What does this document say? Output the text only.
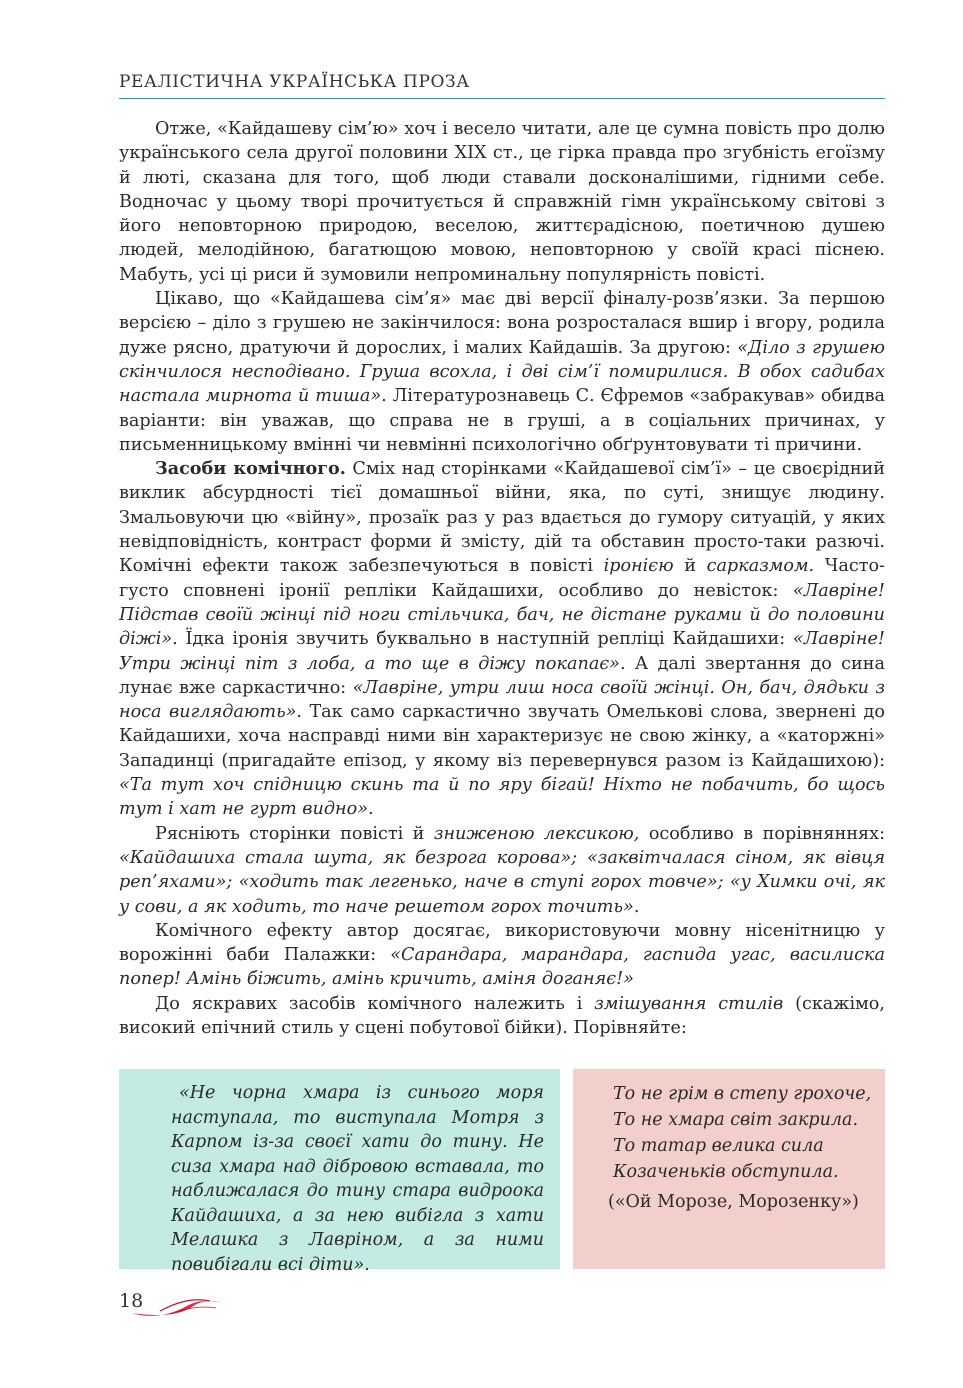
РЕАЛІСТИЧНА УКРАЇНСЬКА ПРОЗА

Отже, «Кайдашеву сім’ю» хоч і весело читати, але це сумна повість про долю українського села другої половини ХІХ ст., це гірка правда про згубність егоїзму й люті, сказана для того, щоб люди ставали досконалішими, гідними себе. Водночас у цьому творі прочитується й справжній гімн українському світові з його неповторною природою, веселою, життєрадісною, поетичною душею людей, мелодійною, багатющою мовою, неповторною у своїй красі піснею. Мабуть, усі ці риси й зумовили непроминальну популярність повісті.

Цікаво, що «Кайдашева сім’я» має дві версії фіналу-розв’язки. За першою версією – діло з грушею не закінчилося: вона розросталася вшир і вгору, родила дуже рясно, дратуючи й дорослих, і малих Кайдашів. За другою: «Діло з грушею скінчилося несподівано. Груша всохла, і дві сім’ї помирилися. В обох садибах настала мирнота й тиша». Літературознавець С. Єфремов «забракував» обидва варіанти: він уважав, що справа не в груші, а в соціальних причинах, у письменницькому вмінні чи невмінні психологічно обґрунтовувати ті причини.

Засоби комічного. Сміх над сторінками «Кайдашевої сім’ї» – це своєрідний виклик абсурдності тієї домашньої війни, яка, по суті, знищує людину. Змальовуючи цю «війну», прозаїк раз у раз вдається до гумору ситуацій, у яких невідповідність, контраст форми й змісту, дій та обставин просто-таки разючі. Комічні ефекти також забезпечуються в повісті іронією й сарказмом. Часто-густо сповнені іронії репліки Кайдашихи, особливо до невісток: «Лавріне! Підстав своїй жінці під ноги стільчика, бач, не дістане руками й до половини діжі». Їдка іронія звучить буквально в наступній репліці Кайдашихи: «Лавріне! Утри жінці піт з лоба, а то ще в діжу покапає». А далі звертання до сина лунає вже саркастично: «Лавріне, утри лиш носа своїй жінці. Он, бач, дядьки з носа виглядають». Так само саркастично звучать Омелькові слова, звернені до Кайдашихи, хоча насправді ними він характеризує не свою жінку, а «каторжні» Западинці (пригадайте епізод, у якому віз перевернувся разом із Кайдашихою): «Та тут хоч спідницю скинь та й по яру бігай! Ніхто не побачить, бо щось тут і хат не гурт видно».

Ряснiють сторінки повісті й зниженою лексикою, особливо в порівняннях: «Кайдашиха стала шута, як безрога корова»; «заквітчалася сіном, як вівця реп’яхами»; «ходить так легенько, наче в ступі горох товче»; «у Химки очі, як у сови, а як ходить, то наче решетом горох точить».

Комічного ефекту автор досягає, використовуючи мовну нісенітницю у ворожінні баби Палажки: «Сарандара, марандара, гаспида угас, василиска попер! Амінь біжить, амінь кричить, аміня доганяє!»

До яскравих засобів комічного належить і змішування стилів (скажімо, високий епічний стиль у сцені побутової бійки). Порівняйте:

«Не чорна хмара із синього моря наступала, то виступала Мотря з Карпом із-за своєї хати до тину. Не сиза хмара над дібровою вставала, то наближалася до тину стара видроока Кайдашиха, а за нею вибігла з хати Мелашка з Лавріном, а за ними повибігали всі діти».

То не грім в степу грохоче,
То не хмара світ закрила.
То татар велика сила
Козаченьків обступила.
(«Ой Морозе, Морозенку»)
18
